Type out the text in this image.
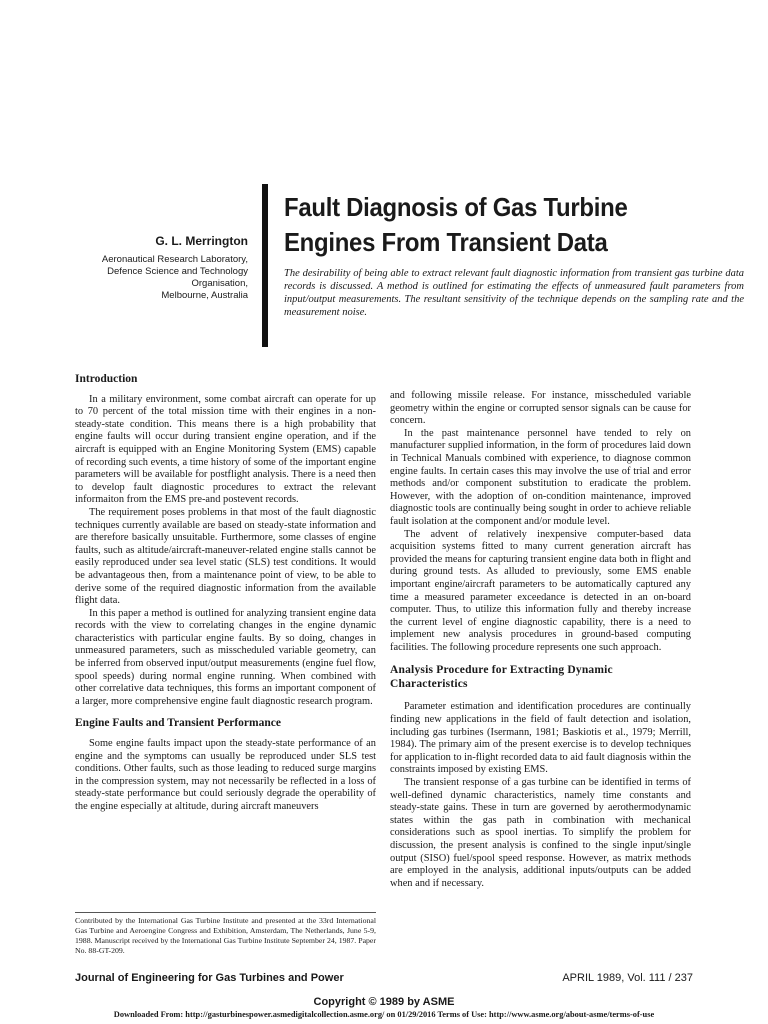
Fault Diagnosis of Gas Turbine
Engines From Transient Data
G. L. Merrington
Aeronautical Research Laboratory,
Defence Science and Technology
Organisation,
Melbourne, Australia
The desirability of being able to extract relevant fault diagnostic information from transient gas turbine data records is discussed. A method is outlined for estimating the effects of unmeasured fault parameters from input/output measurements. The resultant sensitivity of the technique depends on the sampling rate and the measurement noise.
Introduction

In a military environment, some combat aircraft can operate for up to 70 percent of the total mission time with their engines in a non-steady-state condition. This means there is a high probability that engine faults will occur during transient engine operation, and if the aircraft is equipped with an Engine Monitoring System (EMS) capable of recording such events, a time history of some of the important engine parameters will be available for postflight analysis. There is a need then to develop fault diagnostic procedures to extract the relevant informaiton from the EMS pre-and postevent records.

The requirement poses problems in that most of the fault diagnostic techniques currently available are based on steady-state information and are therefore basically unsuitable. Furthermore, some classes of engine faults, such as altitude/aircraft-maneuver-related engine stalls cannot be easily reproduced under sea level static (SLS) test conditions. It would be advantageous then, from a maintenance point of view, to be able to derive some of the required diagnostic information from the available flight data.

In this paper a method is outlined for analyzing transient engine data records with the view to correlating changes in the engine dynamic characteristics with particular engine faults. By so doing, changes in unmeasured parameters, such as misscheduled variable geometry, can be inferred from observed input/output measurements (engine fuel flow, spool speeds) during normal engine running. When combined with other correlative data techniques, this forms an important component of a larger, more comprehensive engine fault diagnostic research program.

Engine Faults and Transient Performance

Some engine faults impact upon the steady-state performance of an engine and the symptoms can usually be reproduced under SLS test conditions. Other faults, such as those leading to reduced surge margins in the compression system, may not necessarily be reflected in a loss of steady-state performance but could seriously degrade the operability of the engine especially at altitude, during aircraft maneuvers

and following missile release. For instance, misscheduled variable geometry within the engine or corrupted sensor signals can be cause for concern.

In the past maintenance personnel have tended to rely on manufacturer supplied information, in the form of procedures laid down in Technical Manuals combined with experience, to diagnose common engine faults. In certain cases this may involve the use of trial and error methods and/or component substitution to eradicate the problem. However, with the adoption of on-condition maintenance, improved diagnostic tools are continually being sought in order to achieve reliable fault isolation at the component and/or module level.

The advent of relatively inexpensive computer-based data acquisition systems fitted to many current generation aircraft has provided the means for capturing transient engine data both in flight and during ground tests. As alluded to previously, some EMS enable important engine/aircraft parameters to be automatically captured any time a measured parameter exceedance is detected in an on-board computer. Thus, to utilize this information fully and thereby increase the current level of engine diagnostic capability, there is a need to implement new analysis procedures in ground-based computing facilities. The following procedure represents one such approach.

Analysis Procedure for Extracting Dynamic Characteristics

Parameter estimation and identification procedures are continually finding new applications in the field of fault detection and isolation, including gas turbines (Isermann, 1981; Baskiotis et al., 1979; Merrill, 1984). The primary aim of the present exercise is to develop techniques for application to in-flight recorded data to aid fault diagnosis within the constraints imposed by existing EMS.

The transient response of a gas turbine can be identified in terms of well-defined dynamic characteristics, namely time constants and steady-state gains. These in turn are governed by aerothermodynamic states within the gas path in combination with mechanical considerations such as spool inertias. To simplify the problem for discussion, the present analysis is confined to the single input/single output (SISO) fuel/spool speed response. However, as matrix methods are employed in the analysis, additional inputs/outputs can be added when and if necessary.

Contributed by the International Gas Turbine Institute and presented at the 33rd International Gas Turbine and Aeroengine Congress and Exhibition, Amsterdam, The Netherlands, June 5-9, 1988. Manuscript received by the International Gas Turbine Institute September 24, 1987. Paper No. 88-GT-209.
Journal of Engineering for Gas Turbines and Power	APRIL 1989, Vol. 111 / 237
Copyright © 1989 by ASME
Downloaded From: http://gasturbinespower.asmedigitalcollection.asme.org/ on 01/29/2016 Terms of Use: http://www.asme.org/about-asme/terms-of-use
